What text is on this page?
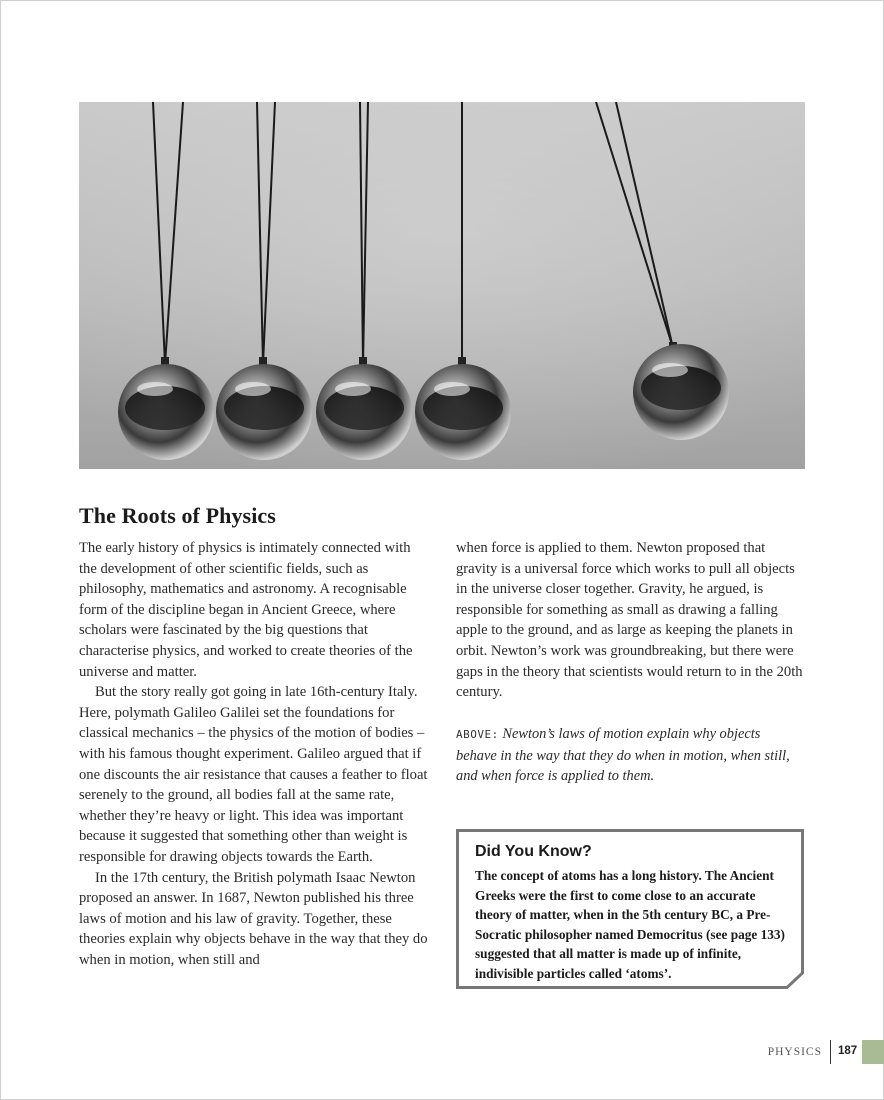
The Roots of Physics

The early history of physics is intimately connected with the development of other scientific fields, such as philosophy, mathematics and astronomy. A recognisable form of the discipline began in Ancient Greece, where scholars were fascinated by the big questions that characterise physics, and worked to create theories of the universe and matter.

But the story really got going in late 16th-century Italy. Here, polymath Galileo Galilei set the foundations for classical mechanics – the physics of the motion of bodies – with his famous thought experiment. Galileo argued that if one discounts the air resistance that causes a feather to float serenely to the ground, all bodies fall at the same rate, whether they’re heavy or light. This idea was important because it suggested that something other than weight is responsible for drawing objects towards the Earth.

In the 17th century, the British polymath Isaac Newton proposed an answer. In 1687, Newton published his three laws of motion and his law of gravity. Together, these theories explain why objects behave in the way that they do when in motion, when still and

when force is applied to them. Newton proposed that gravity is a universal force which works to pull all objects in the universe closer together. Gravity, he argued, is responsible for something as small as drawing a falling apple to the ground, and as large as keeping the planets in orbit. Newton’s work was groundbreaking, but there were gaps in the theory that scientists would return to in the 20th century.

ABOVE: Newton’s laws of motion explain why objects behave in the way that they do when in motion, when still, and when force is applied to them.
Did You Know?
The concept of atoms has a long history. The Ancient Greeks were the first to come close to an accurate theory of matter, when in the 5th century BC, a Pre-Socratic philosopher named Democritus (see page 133) suggested that all matter is made up of infinite, indivisible particles called ‘atoms’.
PHYSICS 187
